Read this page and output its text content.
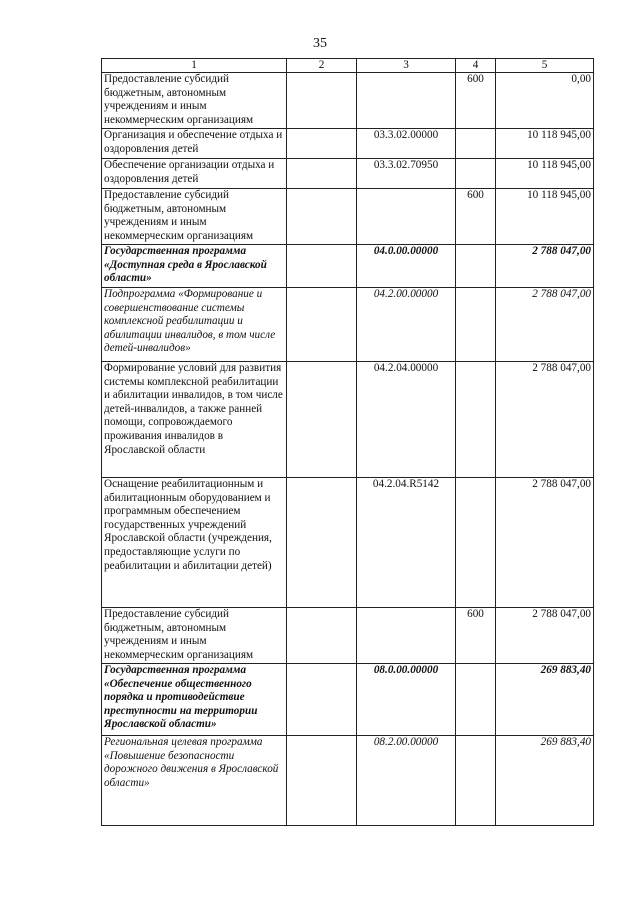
35
1	2	3	4	5
Предоставление субсидий бюджетным, автономным учреждениям и иным некоммерческим организациям			600	0,00
Организация и обеспечение отдыха и оздоровления детей		03.3.02.00000		10 118 945,00
Обеспечение организации отдыха и оздоровления детей		03.3.02.70950		10 118 945,00
Предоставление субсидий бюджетным, автономным учреждениям и иным некоммерческим организациям			600	10 118 945,00
Государственная программа «Доступная среда в Ярославской области»		04.0.00.00000		2 788 047,00
Подпрограмма «Формирование и совершенствование системы комплексной реабилитации и абилитации инвалидов, в том числе детей-инвалидов»		04.2.00.00000		2 788 047,00
Формирование условий для развития системы комплексной реабилитации и абилитации инвалидов, в том числе детей-инвалидов, а также ранней помощи, сопровождаемого проживания инвалидов в Ярославской области		04.2.04.00000		2 788 047,00
Оснащение реабилитационным и абилитационным оборудованием и программным обеспечением государственных учреждений Ярославской области (учреждения, предоставляющие услуги по реабилитации и абилитации детей)		04.2.04.R5142		2 788 047,00
Предоставление субсидий бюджетным, автономным учреждениям и иным некоммерческим организациям			600	2 788 047,00
Государственная программа «Обеспечение общественного порядка и противодействие преступности на территории Ярославской области»		08.0.00.00000		269 883,40
Региональная целевая программа «Повышение безопасности дорожного движения в Ярославской области»		08.2.00.00000		269 883,40
